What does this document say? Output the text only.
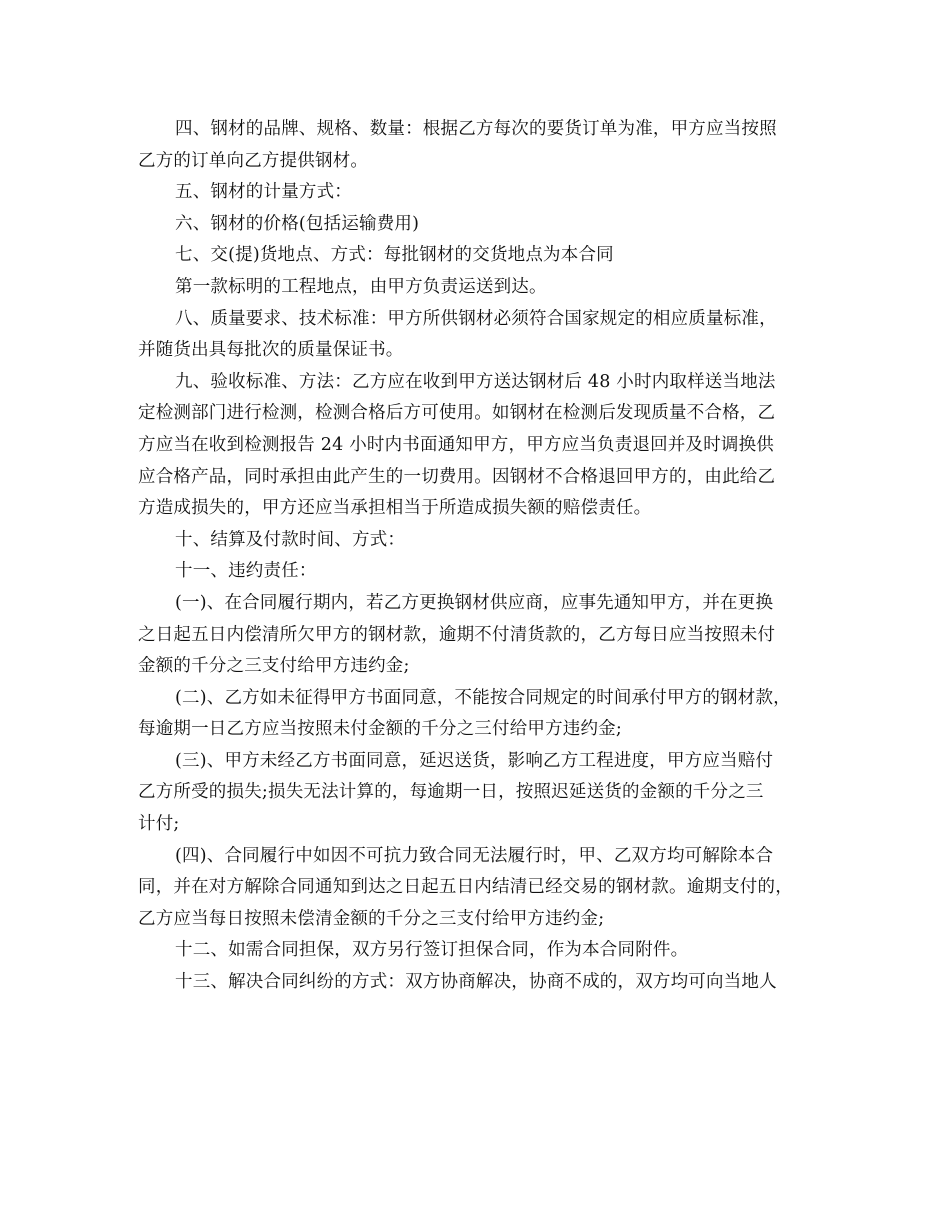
四、钢材的品牌、规格、数量：根据乙方每次的要货订单为准，甲方应当按照
乙方的订单向乙方提供钢材。
五、钢材的计量方式：
六、钢材的价格(包括运输费用)
七、交(提)货地点、方式：每批钢材的交货地点为本合同
第一款标明的工程地点，由甲方负责运送到达。
八、质量要求、技术标准：甲方所供钢材必须符合国家规定的相应质量标准，
并随货出具每批次的质量保证书。
九、验收标准、方法：乙方应在收到甲方送达钢材后 48 小时内取样送当地法
定检测部门进行检测，检测合格后方可使用。如钢材在检测后发现质量不合格，乙
方应当在收到检测报告 24 小时内书面通知甲方，甲方应当负责退回并及时调换供
应合格产品，同时承担由此产生的一切费用。因钢材不合格退回甲方的，由此给乙
方造成损失的，甲方还应当承担相当于所造成损失额的赔偿责任。
十、结算及付款时间、方式：
十一、违约责任：
(一)、在合同履行期内，若乙方更换钢材供应商，应事先通知甲方，并在更换
之日起五日内偿清所欠甲方的钢材款，逾期不付清货款的，乙方每日应当按照未付
金额的千分之三支付给甲方违约金;
(二)、乙方如未征得甲方书面同意，不能按合同规定的时间承付甲方的钢材款，
每逾期一日乙方应当按照未付金额的千分之三付给甲方违约金;
(三)、甲方未经乙方书面同意，延迟送货，影响乙方工程进度，甲方应当赔付
乙方所受的损失;损失无法计算的，每逾期一日，按照迟延送货的金额的千分之三
计付;
(四)、合同履行中如因不可抗力致合同无法履行时，甲、乙双方均可解除本合
同，并在对方解除合同通知到达之日起五日内结清已经交易的钢材款。逾期支付的，
乙方应当每日按照未偿清金额的千分之三支付给甲方违约金;
十二、如需合同担保，双方另行签订担保合同，作为本合同附件。
十三、解决合同纠纷的方式：双方协商解决，协商不成的，双方均可向当地人
